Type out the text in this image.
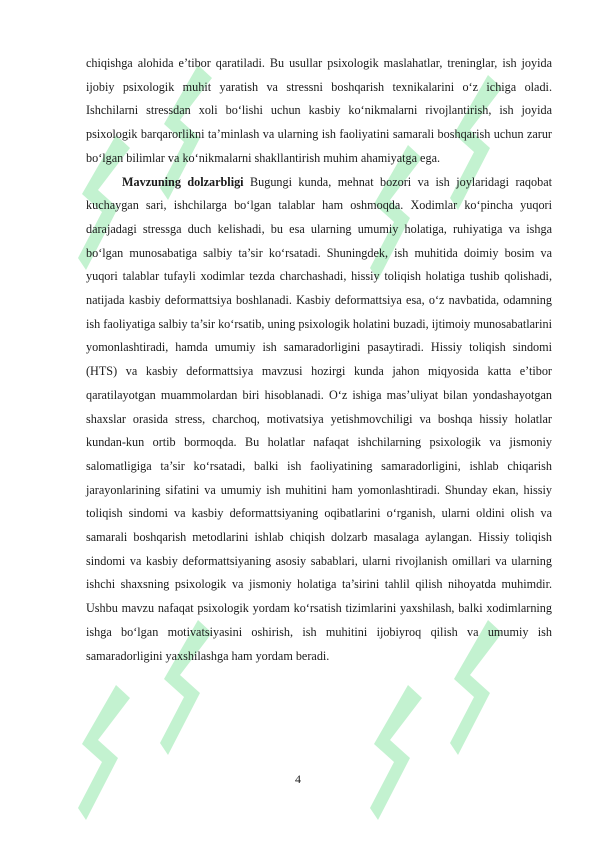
chiqishga alohida e’tibor qaratiladi. Bu usullar psixologik maslahatlar, treninglar, ish joyida ijobiy psixologik muhit yaratish va stressni boshqarish texnikalarini o‘z ichiga oladi. Ishchilarni stressdan xoli bo‘lishi uchun kasbiy ko‘nikmalarni rivojlantirish, ish joyida psixologik barqarorlikni ta’minlash va ularning ish faoliyatini samarali boshqarish uchun zarur bo‘lgan bilimlar va ko‘nikmalarni shakllantirish muhim ahamiyatga ega.

Mavzuning dolzarbligi Bugungi kunda, mehnat bozori va ish joylaridagi raqobat kuchaygan sari, ishchilarga bo‘lgan talablar ham oshmoqda. Xodimlar ko‘pincha yuqori darajadagi stressga duch kelishadi, bu esa ularning umumiy holatiga, ruhiyatiga va ishga bo‘lgan munosabatiga salbiy ta’sir ko‘rsatadi. Shuningdek, ish muhitida doimiy bosim va yuqori talablar tufayli xodimlar tezda charchashadi, hissiy toliqish holatiga tushib qolishadi, natijada kasbiy deformattsiya boshlanadi. Kasbiy deformattsiya esa, o‘z navbatida, odamning ish faoliyatiga salbiy ta’sir ko‘rsatib, uning psixologik holatini buzadi, ijtimoiy munosabatlarini yomonlashtiradi, hamda umumiy ish samaradorligini pasaytiradi. Hissiy toliqish sindomi (HTS) va kasbiy deformattsiya mavzusi hozirgi kunda jahon miqyosida katta e’tibor qaratilayotgan muammolardan biri hisoblanadi. O‘z ishiga mas’uliyat bilan yondashayotgan shaxslar orasida stress, charchoq, motivatsiya yetishmovchiligi va boshqa hissiy holatlar kundan-kun ortib bormoqda. Bu holatlar nafaqat ishchilarning psixologik va jismoniy salomatligiga ta’sir ko‘rsatadi, balki ish faoliyatining samaradorligini, ishlab chiqarish jarayonlarining sifatini va umumiy ish muhitini ham yomonlashtiradi. Shunday ekan, hissiy toliqish sindomi va kasbiy deformattsiyaning oqibatlarini o‘rganish, ularni oldini olish va samarali boshqarish metodlarini ishlab chiqish dolzarb masalaga aylangan. Hissiy toliqish sindomi va kasbiy deformattsiyaning asosiy sabablari, ularni rivojlanish omillari va ularning ishchi shaxsning psixologik va jismoniy holatiga ta’sirini tahlil qilish nihoyatda muhimdir. Ushbu mavzu nafaqat psixologik yordam ko‘rsatish tizimlarini yaxshilash, balki xodimlarning ishga bo‘lgan motivatsiyasini oshirish, ish muhitini ijobiyroq qilish va umumiy ish samaradorligini yaxshilashga ham yordam beradi.

4
